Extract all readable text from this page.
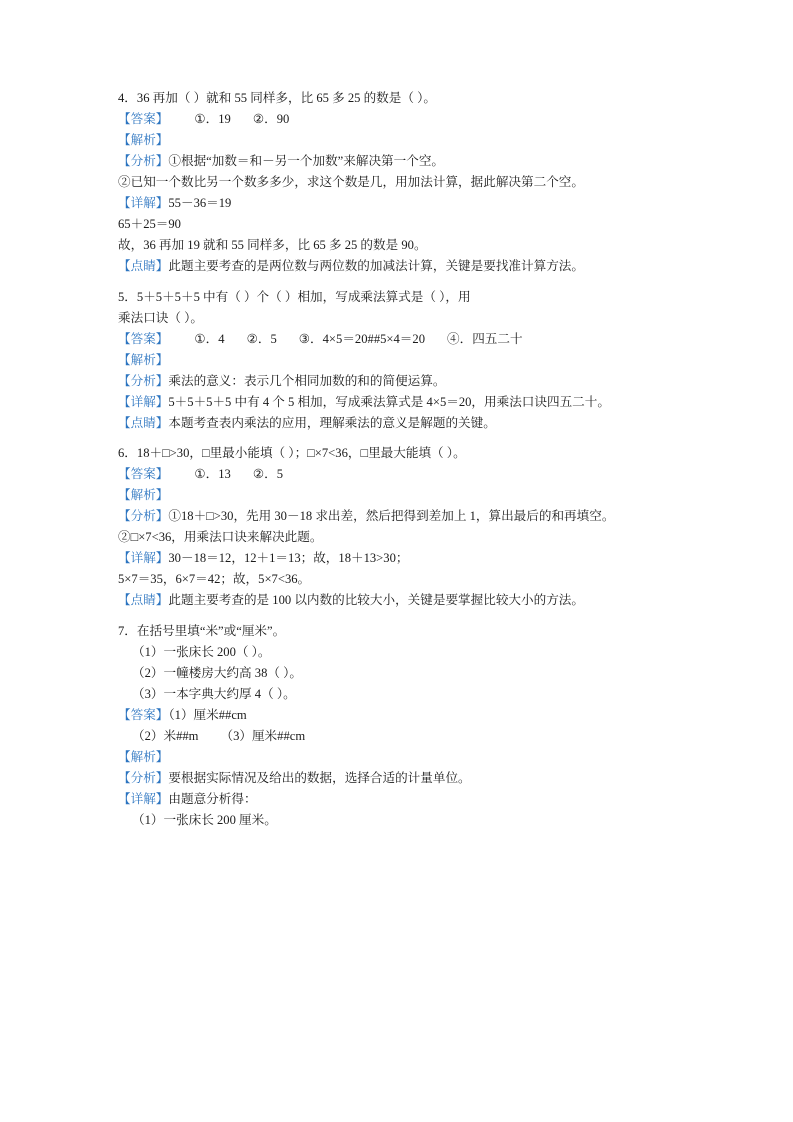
4．36 再加（ ）就和 55 同样多，比 65 多 25 的数是（ ）。
【答案】 ①．19 ②．90
【解析】
【分析】①根据“加数＝和－另一个加数”来解决第一个空。
②已知一个数比另一个数多多少，求这个数是几，用加法计算，据此解决第二个空。
【详解】55－36＝19
65＋25＝90
故，36 再加 19 就和 55 同样多，比 65 多 25 的数是 90。
【点睛】此题主要考查的是两位数与两位数的加减法计算，关键是要找准计算方法。
5．5＋5＋5＋5 中有（ ）个（ ）相加，写成乘法算式是（ ），用
乘法口诀（ ）。
【答案】 ①．4 ②．5 ③．4×5＝20##5×4＝20 ④．四五二十
【解析】
【分析】乘法的意义：表示几个相同加数的和的简便运算。
【详解】5＋5＋5＋5 中有 4 个 5 相加，写成乘法算式是 4×5＝20，用乘法口诀四五二十。
【点睛】本题考查表内乘法的应用，理解乘法的意义是解题的关键。
6．18＋□>30，□里最小能填（ ）；□×7<36，□里最大能填（ ）。
【答案】 ①．13 ②．5
【解析】
【分析】①18＋□>30，先用 30－18 求出差，然后把得到差加上 1，算出最后的和再填空。
②□×7<36，用乘法口诀来解决此题。
【详解】30－18＝12，12＋1＝13；故，18＋13>30；
5×7＝35，6×7＝42；故，5×7<36。
【点睛】此题主要考查的是 100 以内数的比较大小，关键是要掌握比较大小的方法。
7．在括号里填“米”或“厘米”。
（1）一张床长 200（ ）。
（2）一幢楼房大约高 38（ ）。
（3）一本字典大约厚 4（ ）。
【答案】（1）厘米##cm
（2）米##m （3）厘米##cm
【解析】
【分析】要根据实际情况及给出的数据，选择合适的计量单位。
【详解】由题意分析得：
（1）一张床长 200 厘米。
